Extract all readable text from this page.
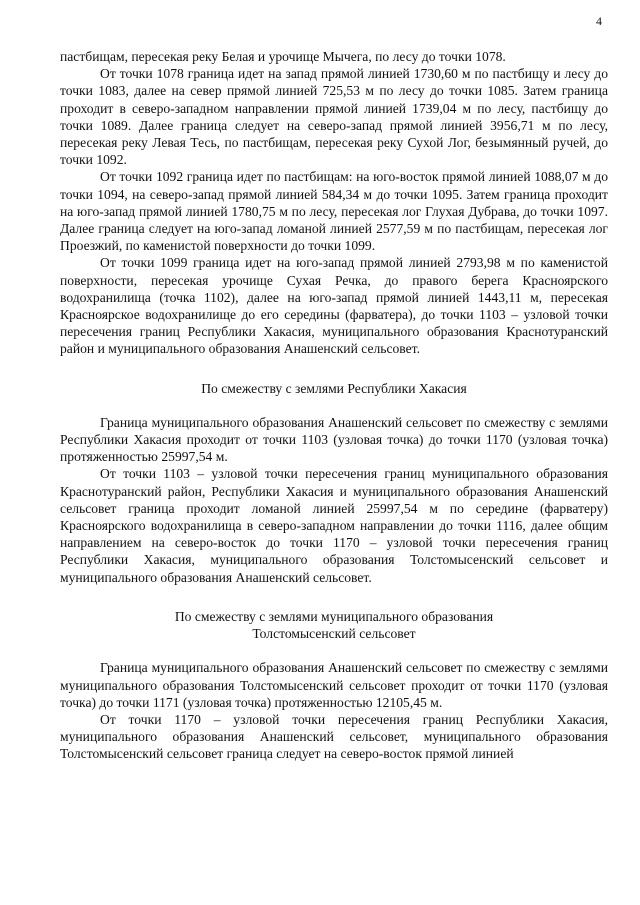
4

пастбищам, пересекая реку Белая и урочище Мычега, по лесу до точки 1078.

От точки 1078 граница идет на запад прямой линией 1730,60 м по пастбищу и лесу до точки 1083, далее на север прямой линией 725,53 м по лесу до точки 1085. Затем граница проходит в северо-западном направлении прямой линией 1739,04 м по лесу, пастбищу до точки 1089. Далее граница следует на северо-запад прямой линией 3956,71 м по лесу, пересекая реку Левая Тесь, по пастбищам, пересекая реку Сухой Лог, безымянный ручей, до точки 1092.

От точки 1092 граница идет по пастбищам: на юго-восток прямой линией 1088,07 м до точки 1094, на северо-запад прямой линией 584,34 м до точки 1095. Затем граница проходит на юго-запад прямой линией 1780,75 м по лесу, пересекая лог Глухая Дубрава, до точки 1097. Далее граница следует на юго-запад ломаной линией 2577,59 м по пастбищам, пересекая лог Проезжий, по каменистой поверхности до точки 1099.

От точки 1099 граница идет на юго-запад прямой линией 2793,98 м по каменистой поверхности, пересекая урочище Сухая Речка, до правого берега Красноярского водохранилища (точка 1102), далее на юго-запад прямой линией 1443,11 м, пересекая Красноярское водохранилище до его середины (фарватера), до точки 1103 – узловой точки пересечения границ Республики Хакасия, муниципального образования Краснотуранский район и муниципального образования Анашенский сельсовет.

По смежеству с землями Республики Хакасия

Граница муниципального образования Анашенский сельсовет по смежеству с землями Республики Хакасия проходит от точки 1103 (узловая точка) до точки 1170 (узловая точка) протяженностью 25997,54 м.

От точки 1103 – узловой точки пересечения границ муниципального образования Краснотуранский район, Республики Хакасия и муниципального образования Анашенский сельсовет граница проходит ломаной линией 25997,54 м по середине (фарватеру) Красноярского водохранилища в северо-западном направлении до точки 1116, далее общим направлением на северо-восток до точки 1170 – узловой точки пересечения границ Республики Хакасия, муниципального образования Толстомысенский сельсовет и муниципального образования Анашенский сельсовет.

По смежеству с землями муниципального образования

Толстомысенский сельсовет

Граница муниципального образования Анашенский сельсовет по смежеству с землями муниципального образования Толстомысенский сельсовет проходит от точки 1170 (узловая точка) до точки 1171 (узловая точка) протяженностью 12105,45 м.

От точки 1170 – узловой точки пересечения границ Республики Хакасия, муниципального образования Анашенский сельсовет, муниципального образования Толстомысенский сельсовет граница следует на северо-восток прямой линией
